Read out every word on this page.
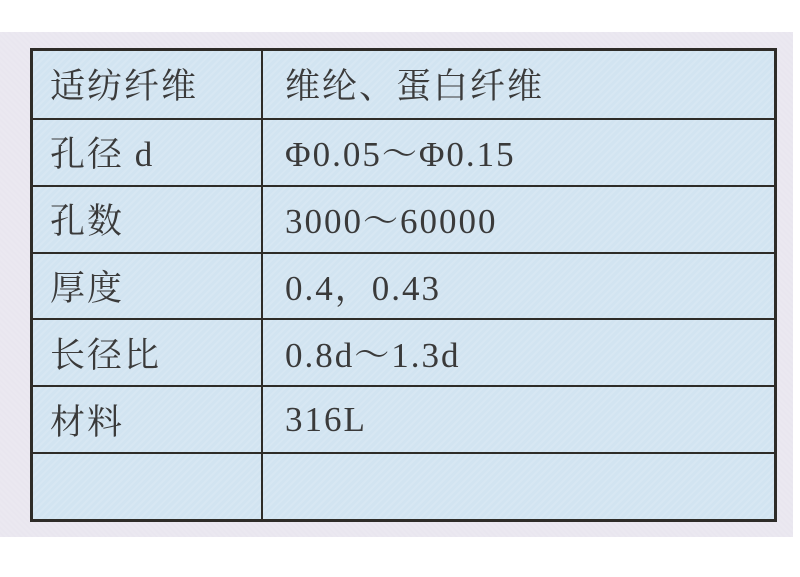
适纺纤维	维纶、蛋白纤维
孔径 d	Φ0.05～Φ0.15
孔数	3000～60000
厚度	0.4，0.43
长径比	0.8d～1.3d
材料	316L
